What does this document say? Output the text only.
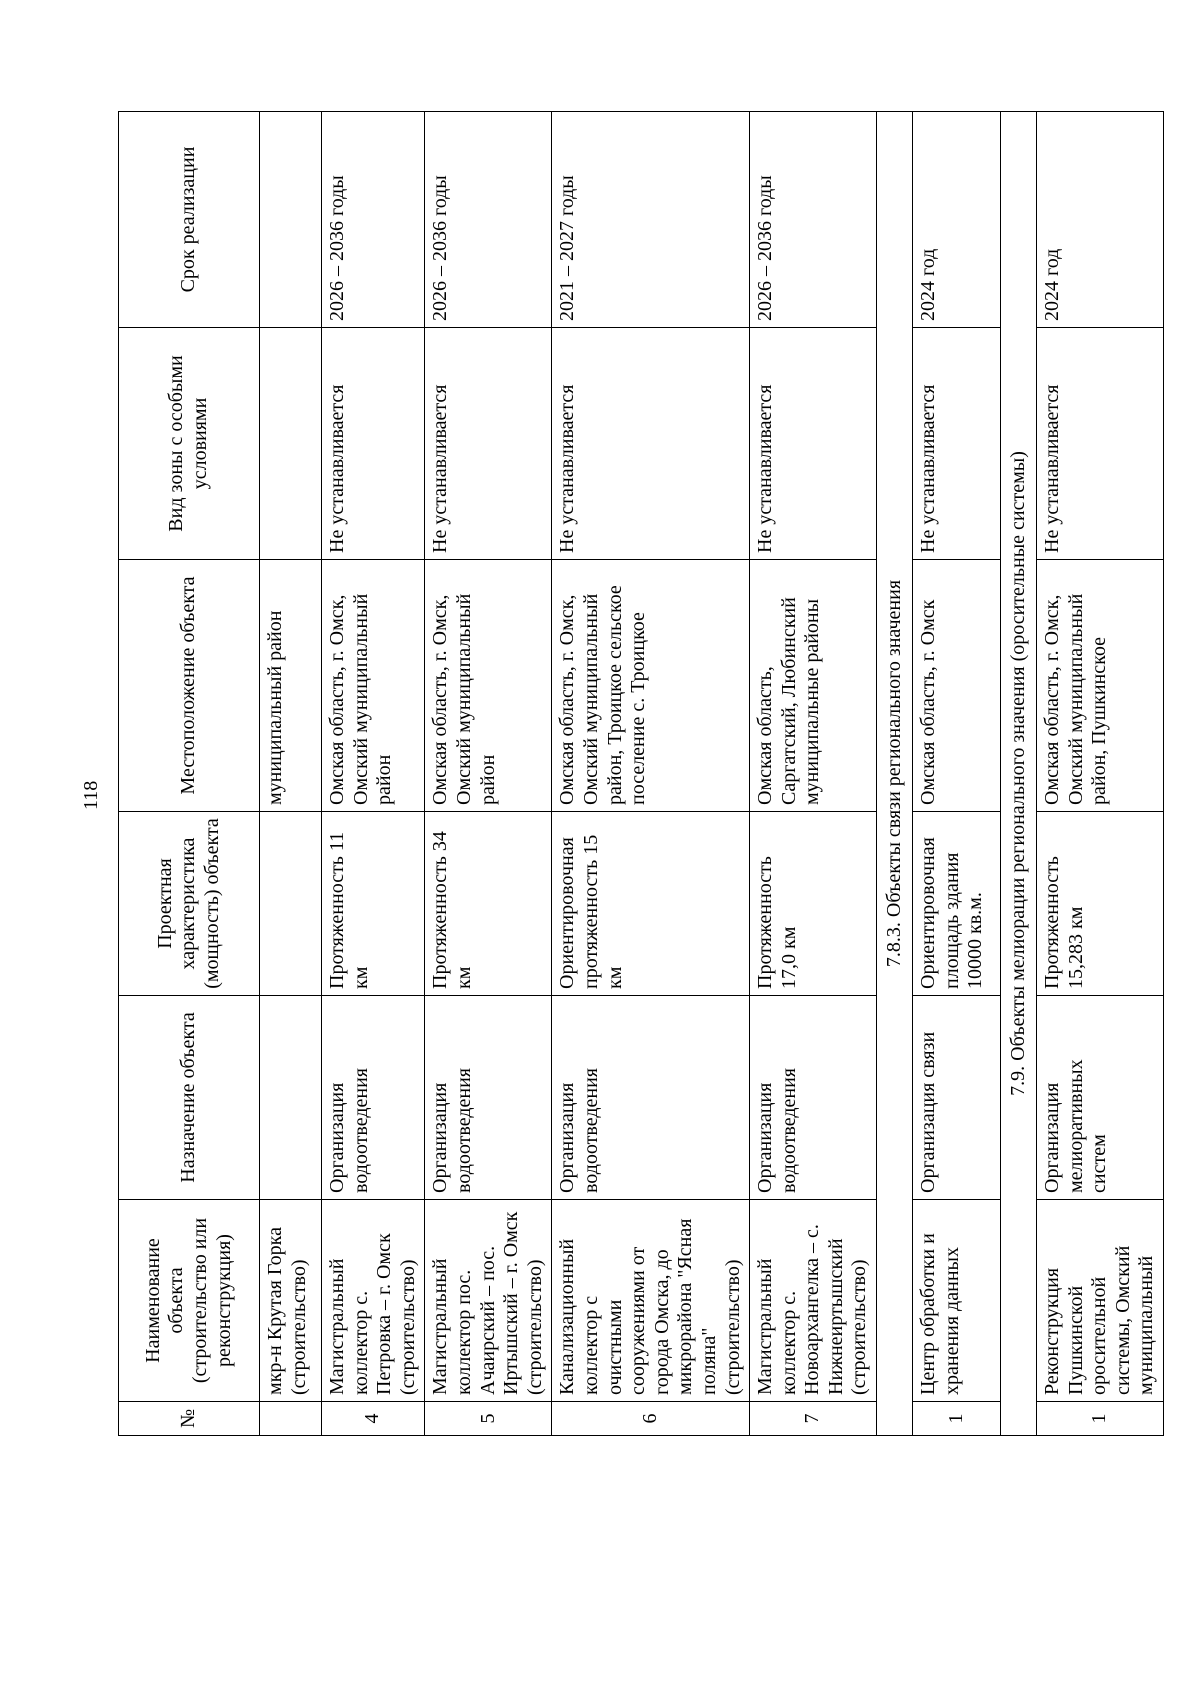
118
№	Наименование объекта (строительство или реконструкция)	Назначение объекта	Проектная характеристика (мощность) объекта	Местоположение объекта	Вид зоны с особыми условиями	Срок реализации
	мкр-н Крутая Горка (строительство)			муниципальный район		
4	Магистральный коллектор с. Петровка – г. Омск (строительство)	Организация водоотведения	Протяженность 11 км	Омская область, г. Омск, Омский муниципальный район	Не устанавливается	2026 – 2036 годы
5	Магистральный коллектор пос. Ачаирский – пос. Иртышский – г. Омск (строительство)	Организация водоотведения	Протяженность 34 км	Омская область, г. Омск, Омский муниципальный район	Не устанавливается	2026 – 2036 годы
6	Канализационный коллектор с очистными сооружениями от города Омска, до микрорайона "Ясная поляна" (строительство)	Организация водоотведения	Ориентировочная протяженность 15 км	Омская область, г. Омск, Омский муниципальный район, Троицкое сельское поселение с. Троицкое	Не устанавливается	2021 – 2027 годы
7	Магистральный коллектор с. Новоархангелка – с. Нижнеиртышский (строительство)	Организация водоотведения	Протяженность 17,0 км	Омская область, Саргатский, Любинский муниципальные районы	Не устанавливается	2026 – 2036 годы
7.8.3. Объекты связи регионального значения						
1	Центр обработки и хранения данных	Организация связи	Ориентировочная площадь здания 10000 кв.м.	Омская область, г. Омск	Не устанавливается	2024 год
7.9. Объекты мелиорации регионального значения (оросительные системы)						
1	Реконструкция Пушкинской оросительной системы, Омский муниципальный	Организация мелиоративных систем	Протяженность 15,283 км	Омская область, г. Омск, Омский муниципальный район, Пушкинское	Не устанавливается	2024 год
